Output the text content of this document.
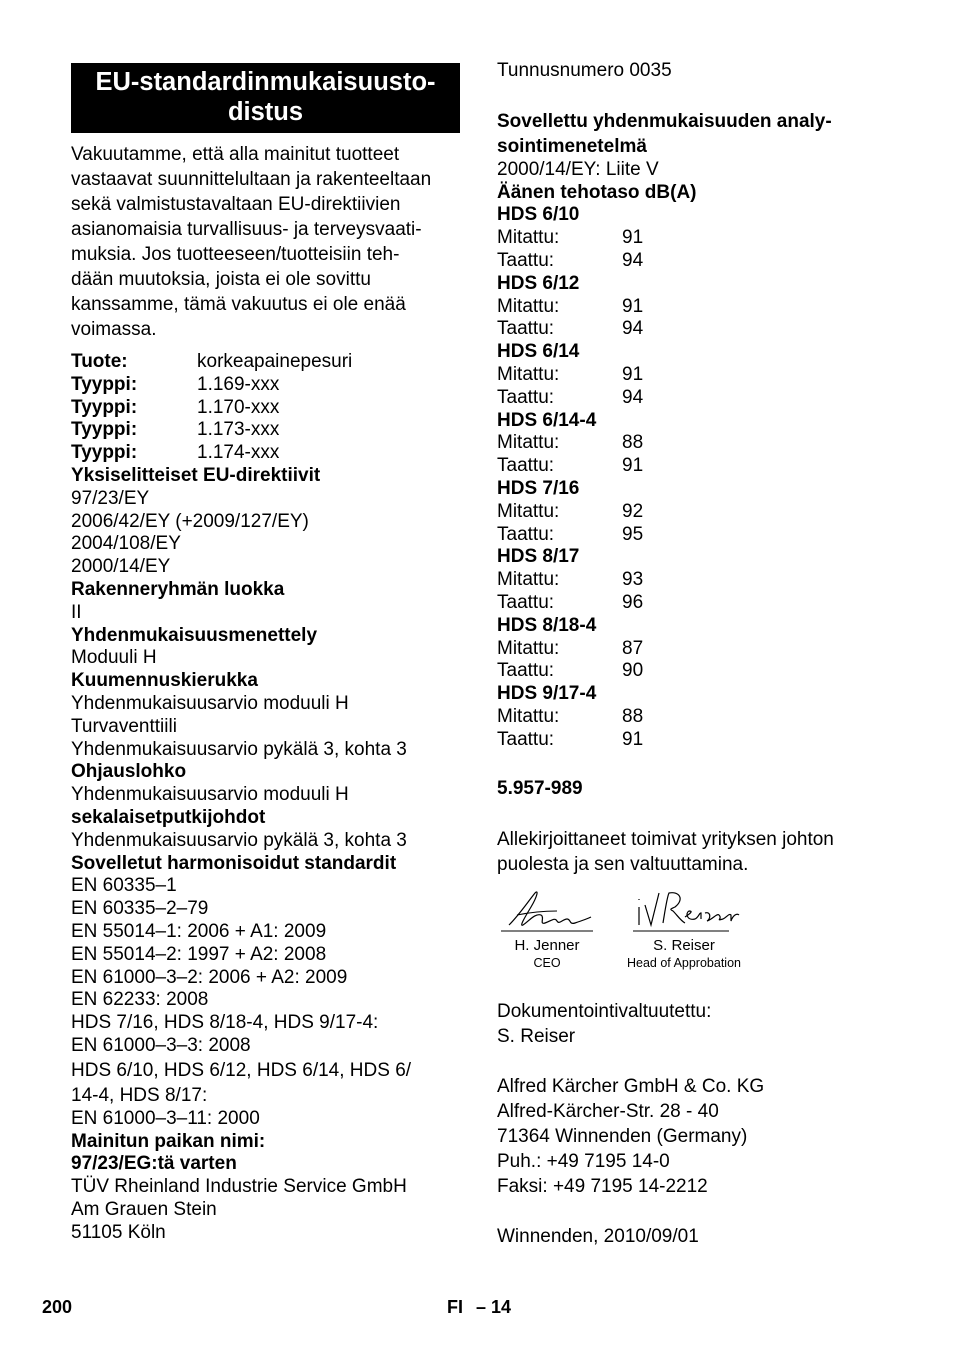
EU-standardinmukaisuusto-
distus
Vakuutamme, että alla mainitut tuotteet
vastaavat suunnittelultaan ja rakenteeltaan
sekä valmistustavaltaan EU-direktiivien
asianomaisia turvallisuus- ja terveysvaati-
muksia. Jos tuotteeseen/tuotteisiin teh-
dään muutoksia, joista ei ole sovittu
kanssamme, tämä vakuutus ei ole enää
voimassa.
Tuote:	korkeapainepesuri
Tyyppi:	1.169-xxx
Tyyppi:	1.170-xxx
Tyyppi:	1.173-xxx
Tyyppi:	1.174-xxx
Yksiselitteiset EU-direktiivit
97/23/EY
2006/42/EY (+2009/127/EY)
2004/108/EY
2000/14/EY
Rakenneryhmän luokka
II
Yhdenmukaisuusmenettely
Moduuli H
Kuumennuskierukka
Yhdenmukaisuusarvio moduuli H
Turvaventtiili
Yhdenmukaisuusarvio pykälä 3, kohta 3
Ohjauslohko
Yhdenmukaisuusarvio moduuli H
sekalaisetputkijohdot
Yhdenmukaisuusarvio pykälä 3, kohta 3
Sovelletut harmonisoidut standardit
EN 60335–1
EN 60335–2–79
EN 55014–1: 2006 + A1: 2009
EN 55014–2: 1997 + A2: 2008
EN 61000–3–2: 2006 + A2: 2009
EN 62233: 2008
HDS 7/16, HDS 8/18-4, HDS 9/17-4:
EN 61000–3–3: 2008
HDS 6/10, HDS 6/12, HDS 6/14, HDS 6/
14-4, HDS 8/17:
EN 61000–3–11: 2000
Mainitun paikan nimi:
97/23/EG:tä varten
TÜV Rheinland Industrie Service GmbH
Am Grauen Stein
51105 Köln
Tunnusnumero 0035
Sovellettu yhdenmukaisuuden analy-
sointimenetelmä
2000/14/EY: Liite V
Äänen tehotaso dB(A)
HDS 6/10
Mitattu:	91
Taattu:	94
HDS 6/12
Mitattu:	91
Taattu:	94
HDS 6/14
Mitattu:	91
Taattu:	94
HDS 6/14-4
Mitattu:	88
Taattu:	91
HDS 7/16
Mitattu:	92
Taattu:	95
HDS 8/17
Mitattu:	93
Taattu:	96
HDS 8/18-4
Mitattu:	87
Taattu:	90
HDS 9/17-4
Mitattu:	88
Taattu:	91
5.957-989
Allekirjoittaneet toimivat yrityksen johton
puolesta ja sen valtuuttamina.
H. Jenner
CEO
S. Reiser
Head of Approbation
Dokumentointivaltuutettu:
S. Reiser
Alfred Kärcher GmbH & Co. KG
Alfred-Kärcher-Str. 28 - 40
71364 Winnenden (Germany)
Puh.: +49 7195 14-0
Faksi: +49 7195 14-2212
Winnenden, 2010/09/01
200	FI – 14
